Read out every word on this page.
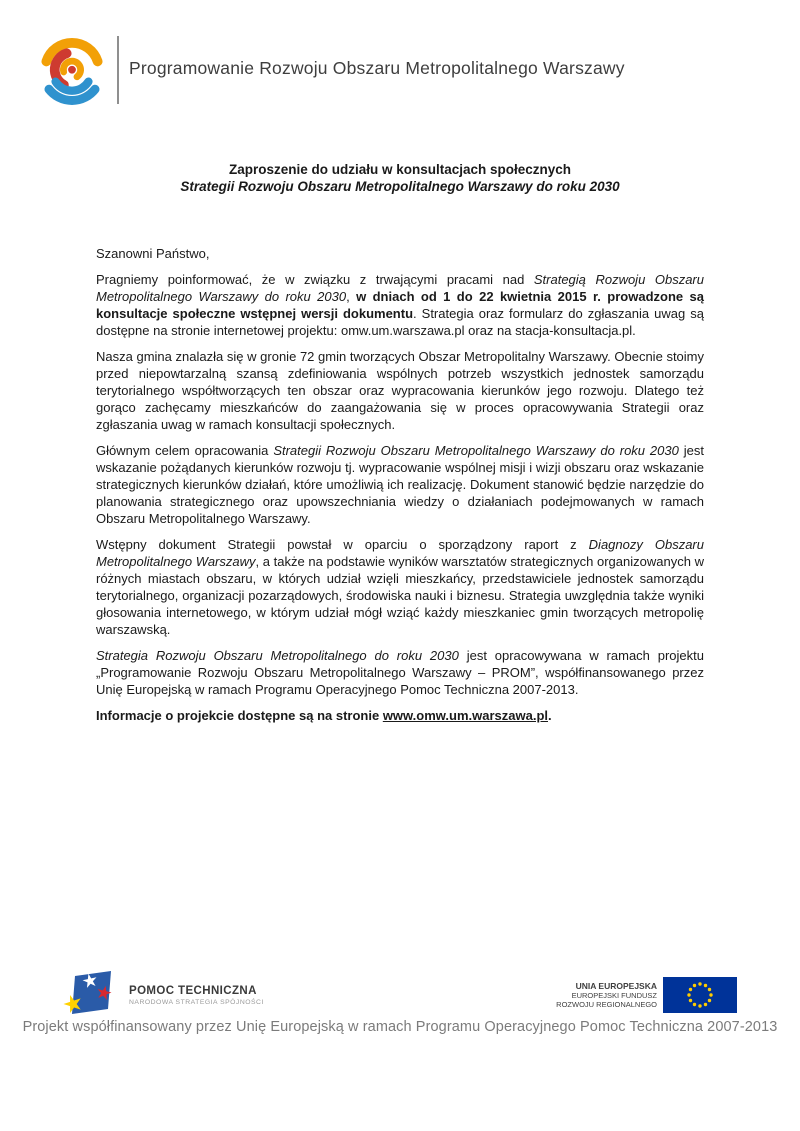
Programowanie Rozwoju Obszaru Metropolitalnego Warszawy
Zaproszenie do udziału w konsultacjach społecznych
Strategii Rozwoju Obszaru Metropolitalnego Warszawy do roku 2030

Szanowni Państwo,

Pragniemy poinformować, że w związku z trwającymi pracami nad Strategią Rozwoju Obszaru Metropolitalnego Warszawy do roku 2030, w dniach od 1 do 22 kwietnia 2015 r. prowadzone są konsultacje społeczne wstępnej wersji dokumentu. Strategia oraz formularz do zgłaszania uwag są dostępne na stronie internetowej projektu: omw.um.warszawa.pl oraz na stacja-konsultacja.pl.

Nasza gmina znalazła się w gronie 72 gmin tworzących Obszar Metropolitalny Warszawy. Obecnie stoimy przed niepowtarzalną szansą zdefiniowania wspólnych potrzeb wszystkich jednostek samorządu terytorialnego współtworzących ten obszar oraz wypracowania kierunków jego rozwoju. Dlatego też gorąco zachęcamy mieszkańców do zaangażowania się w proces opracowywania Strategii oraz zgłaszania uwag w ramach konsultacji społecznych.

Głównym celem opracowania Strategii Rozwoju Obszaru Metropolitalnego Warszawy do roku 2030 jest wskazanie pożądanych kierunków rozwoju tj. wypracowanie wspólnej misji i wizji obszaru oraz wskazanie strategicznych kierunków działań, które umożliwią ich realizację. Dokument stanowić będzie narzędzie do planowania strategicznego oraz upowszechniania wiedzy o działaniach podejmowanych w ramach Obszaru Metropolitalnego Warszawy.

Wstępny dokument Strategii powstał w oparciu o sporządzony raport z Diagnozy Obszaru Metropolitalnego Warszawy, a także na podstawie wyników warsztatów strategicznych organizowanych w różnych miastach obszaru, w których udział wzięli mieszkańcy, przedstawiciele jednostek samorządu terytorialnego, organizacji pozarządowych, środowiska nauki i biznesu. Strategia uwzględnia także wyniki głosowania internetowego, w którym udział mógł wziąć każdy mieszkaniec gmin tworzących metropolię warszawską.

Strategia Rozwoju Obszaru Metropolitalnego do roku 2030 jest opracowywana w ramach projektu „Programowanie Rozwoju Obszaru Metropolitalnego Warszawy – PROM”, współfinansowanego przez Unię Europejską w ramach Programu Operacyjnego Pomoc Techniczna 2007-2013.

Informacje o projekcie dostępne są na stronie www.omw.um.warszawa.pl.

POMOC TECHNICZNA
NARODOWA STRATEGIA SPÓJNOŚCI
UNIA EUROPEJSKA
EUROPEJSKI FUNDUSZ
ROZWOJU REGIONALNEGO
Projekt współfinansowany przez Unię Europejską w ramach Programu Operacyjnego Pomoc Techniczna 2007-2013
